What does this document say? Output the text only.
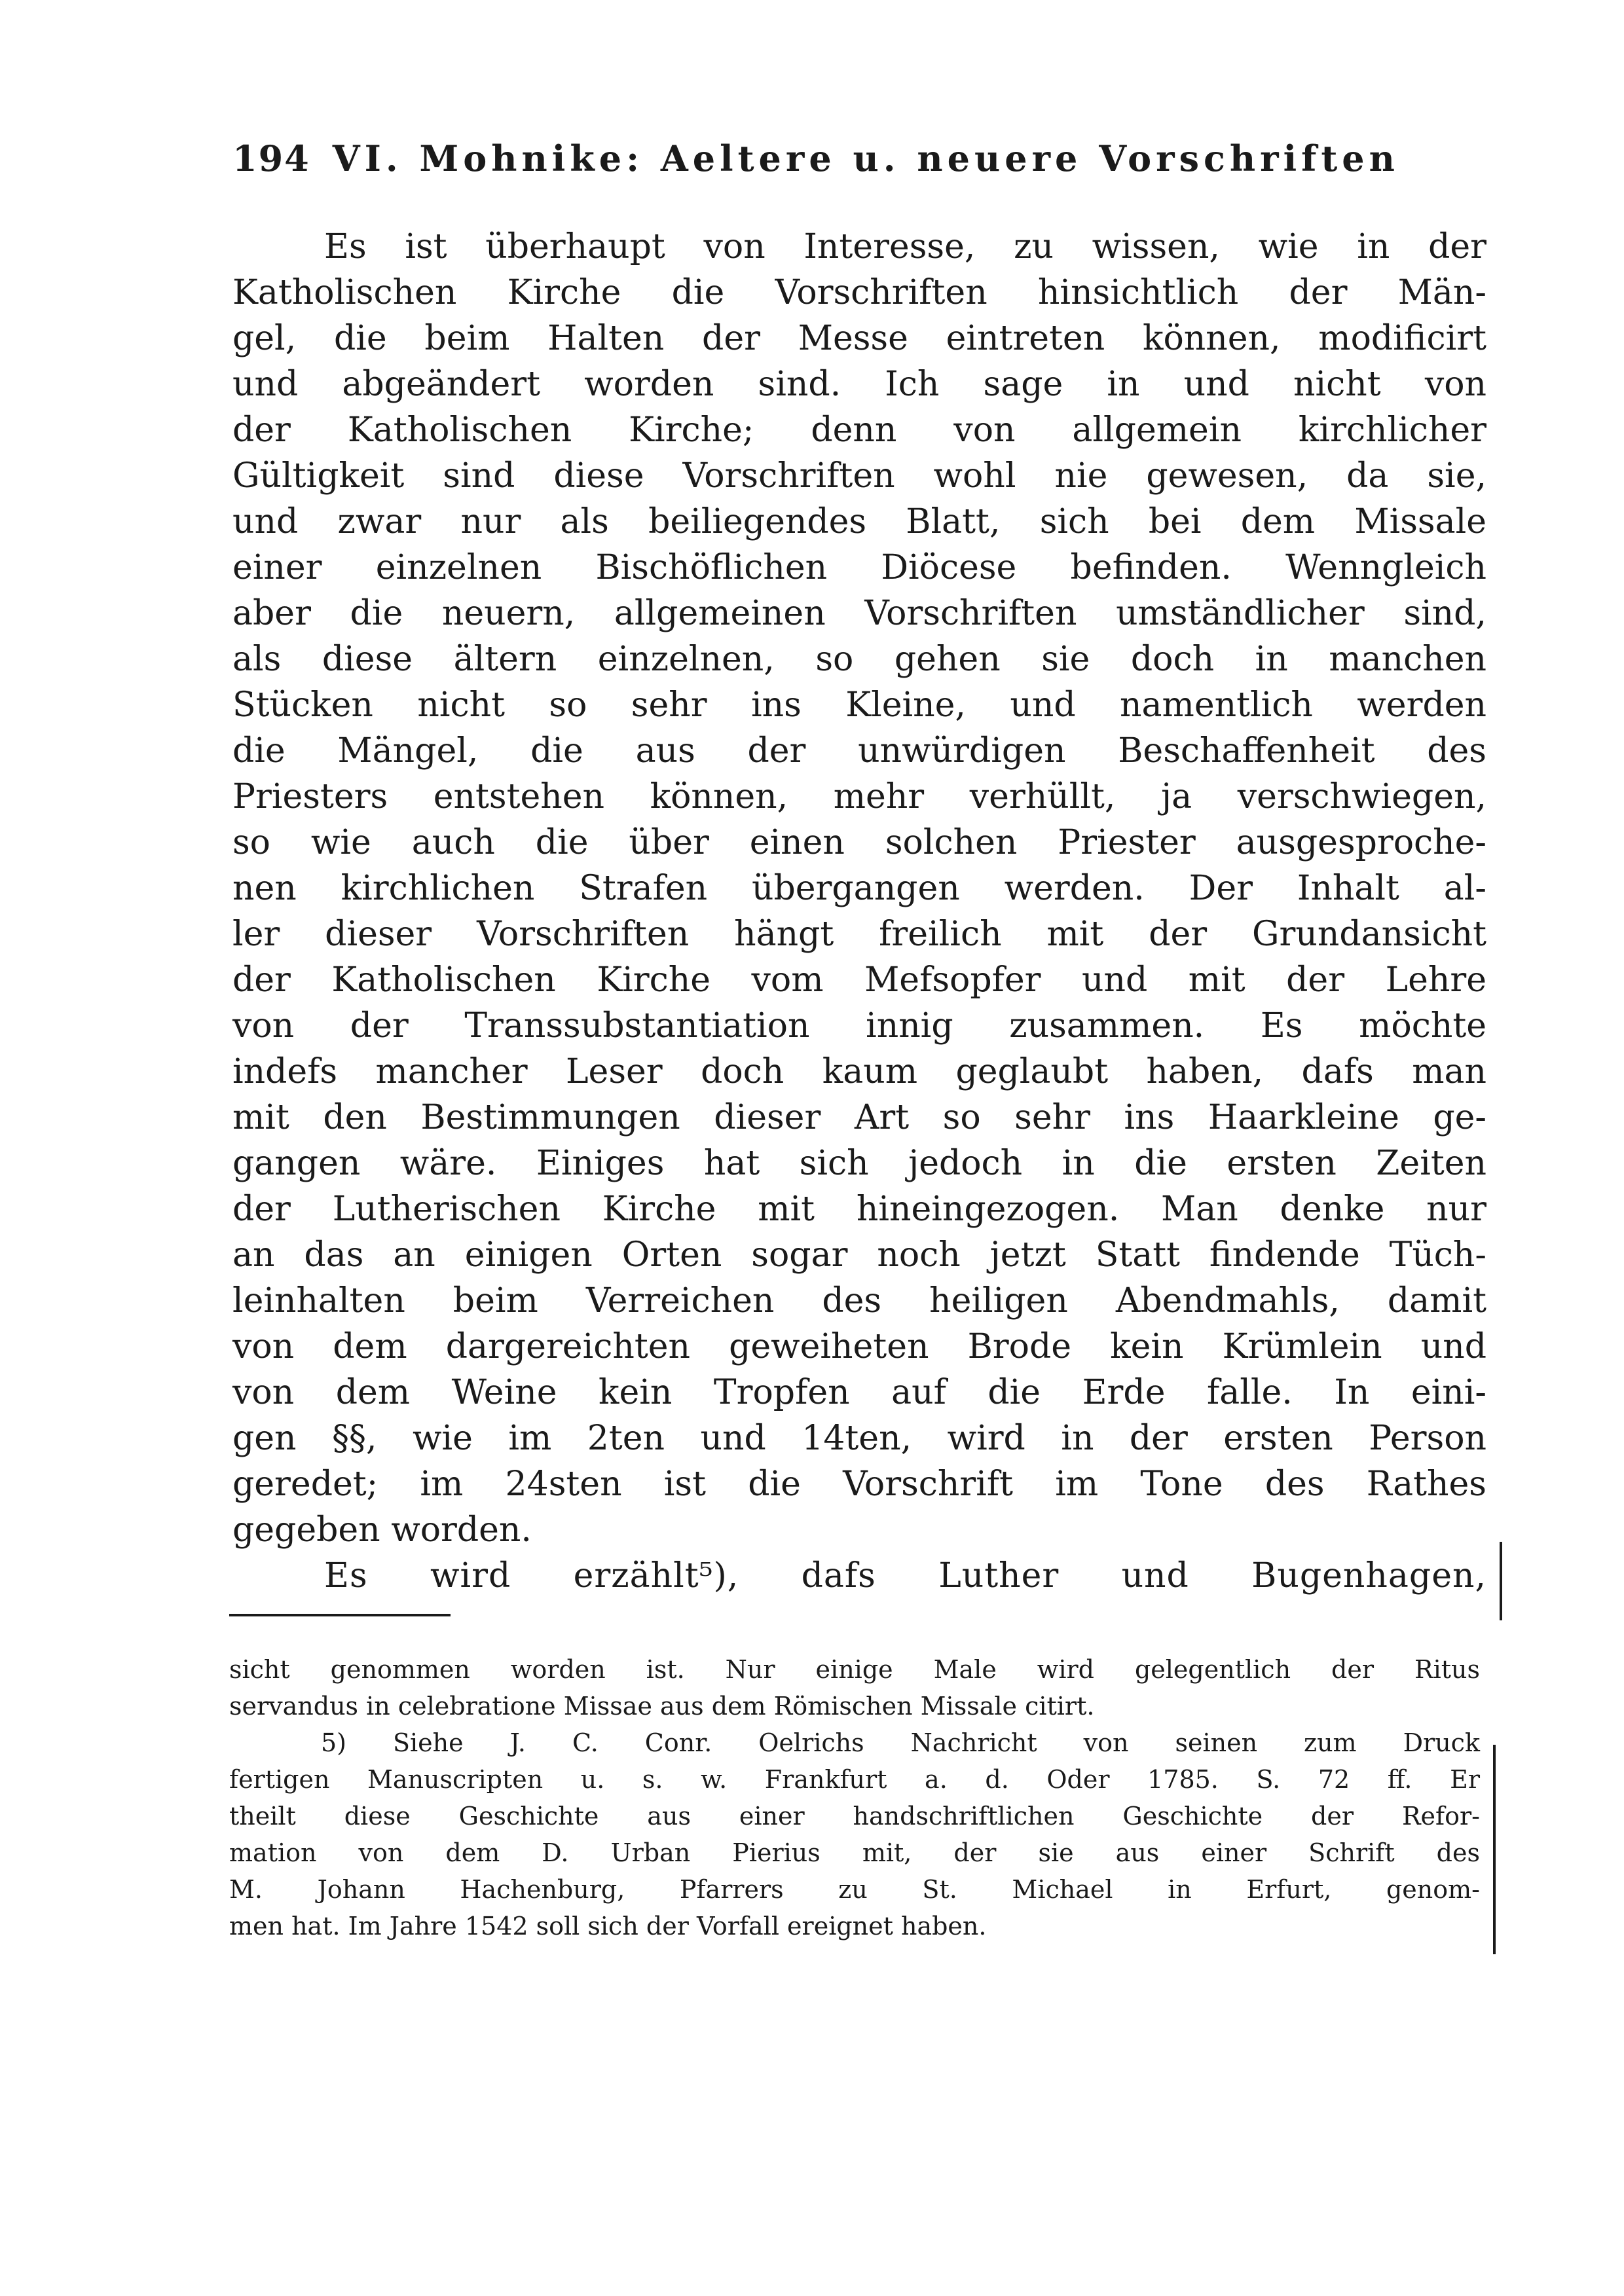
194 VI. Mohnike: Aeltere u. neuere Vorschriften
Es ist überhaupt von Interesse, zu wissen, wie in der
Katholischen Kirche die Vorschriften hinsichtlich der Män-
gel, die beim Halten der Messe eintreten können, modificirt
und abgeändert worden sind. Ich sage in und nicht von
der Katholischen Kirche; denn von allgemein kirchlicher
Gültigkeit sind diese Vorschriften wohl nie gewesen, da sie,
und zwar nur als beiliegendes Blatt, sich bei dem Missale
einer einzelnen Bischöflichen Diöcese befinden. Wenngleich
aber die neuern, allgemeinen Vorschriften umständlicher sind,
als diese ältern einzelnen, so gehen sie doch in manchen
Stücken nicht so sehr ins Kleine, und namentlich werden
die Mängel, die aus der unwürdigen Beschaffenheit des
Priesters entstehen können, mehr verhüllt, ja verschwiegen,
so wie auch die über einen solchen Priester ausgesproche-
nen kirchlichen Strafen übergangen werden. Der Inhalt al-
ler dieser Vorschriften hängt freilich mit der Grundansicht
der Katholischen Kirche vom Mefsopfer und mit der Lehre
von der Transsubstantiation innig zusammen. Es möchte
indefs mancher Leser doch kaum geglaubt haben, dafs man
mit den Bestimmungen dieser Art so sehr ins Haarkleine ge-
gangen wäre. Einiges hat sich jedoch in die ersten Zeiten
der Lutherischen Kirche mit hineingezogen. Man denke nur
an das an einigen Orten sogar noch jetzt Statt findende Tüch-
leinhalten beim Verreichen des heiligen Abendmahls, damit
von dem dargereichten geweiheten Brode kein Krümlein und
von dem Weine kein Tropfen auf die Erde falle. In eini-
gen §§, wie im 2ten und 14ten, wird in der ersten Person
geredet; im 24sten ist die Vorschrift im Tone des Rathes
gegeben worden.
Es wird erzählt⁵), dafs Luther und Bugenhagen,
sicht genommen worden ist. Nur einige Male wird gelegentlich der Ritus
servandus in celebratione Missae aus dem Römischen Missale citirt.
5) Siehe J. C. Conr. Oelrichs Nachricht von seinen zum Druck
fertigen Manuscripten u. s. w. Frankfurt a. d. Oder 1785. S. 72 ff. Er
theilt diese Geschichte aus einer handschriftlichen Geschichte der Refor-
mation von dem D. Urban Pierius mit, der sie aus einer Schrift des
M. Johann Hachenburg, Pfarrers zu St. Michael in Erfurt, genom-
men hat. Im Jahre 1542 soll sich der Vorfall ereignet haben.
